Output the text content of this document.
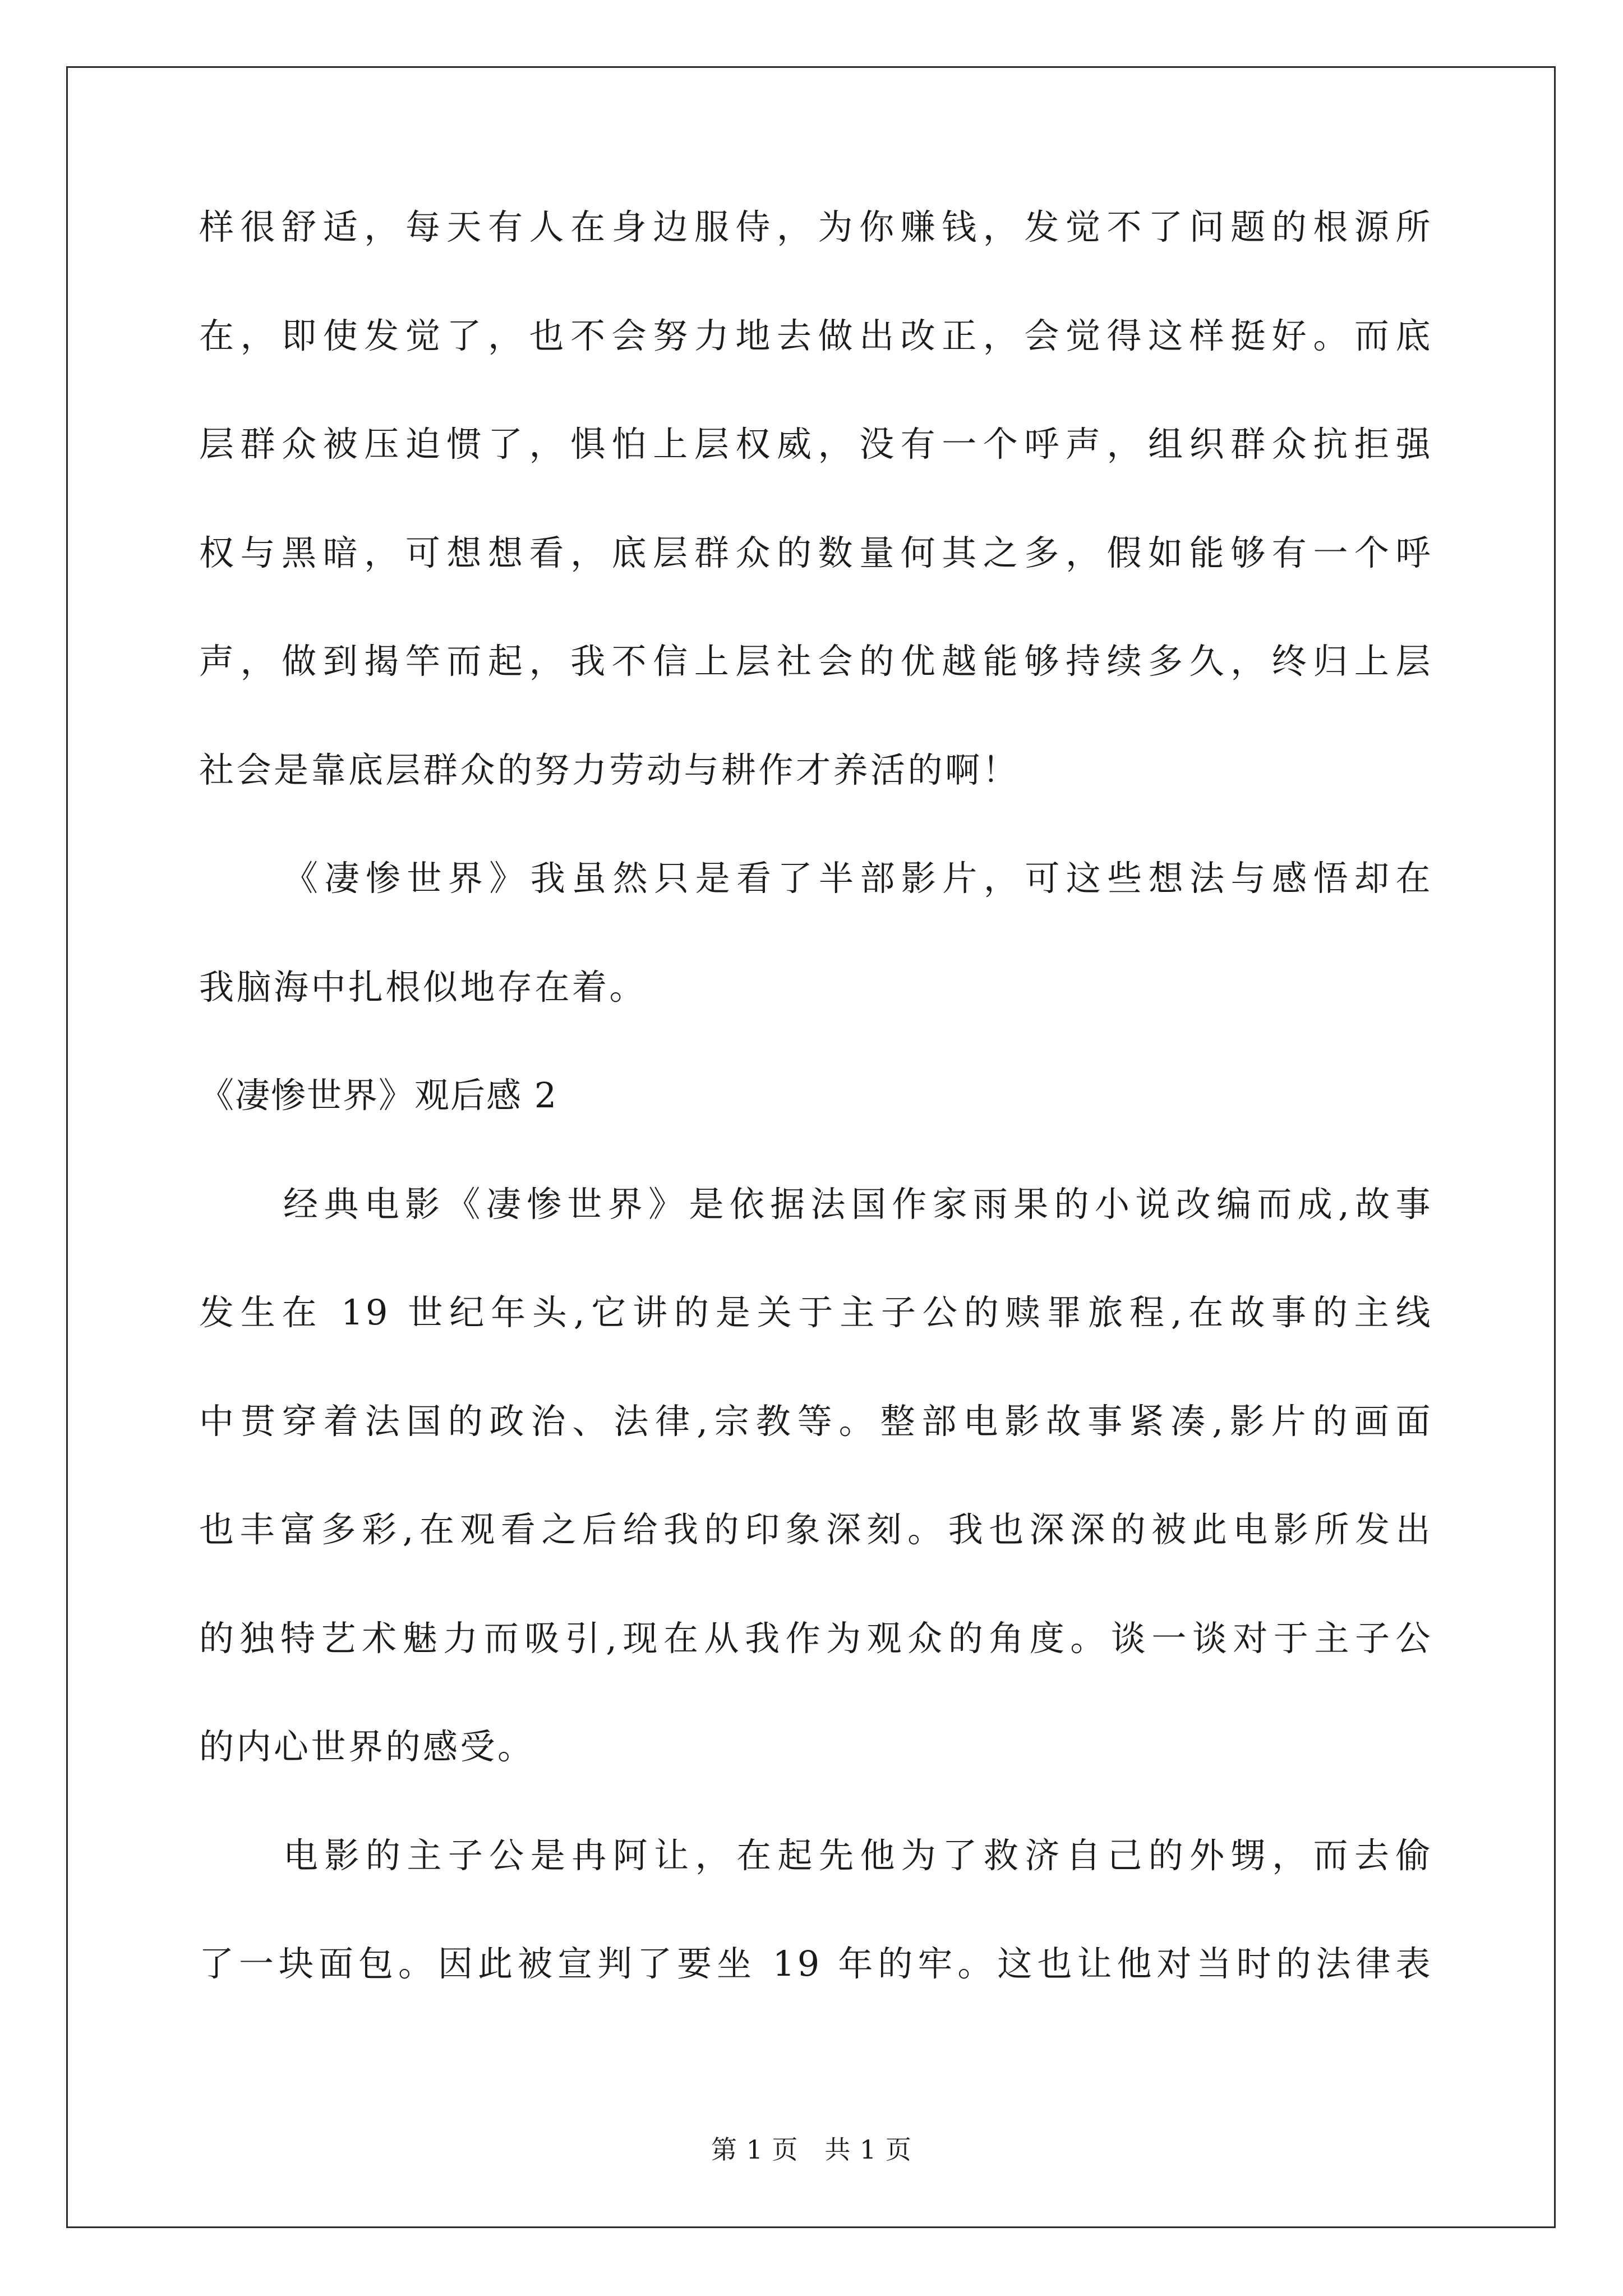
样很舒适，每天有人在身边服侍，为你赚钱，发觉不了问题的根源所
在，即使发觉了，也不会努力地去做出改正，会觉得这样挺好。而底
层群众被压迫惯了，惧怕上层权威，没有一个呼声，组织群众抗拒强
权与黑暗，可想想看，底层群众的数量何其之多，假如能够有一个呼
声，做到揭竿而起，我不信上层社会的优越能够持续多久，终归上层
社会是靠底层群众的努力劳动与耕作才养活的啊！
《凄惨世界》我虽然只是看了半部影片，可这些想法与感悟却在
我脑海中扎根似地存在着。
《凄惨世界》观后感 2
经典电影《凄惨世界》是依据法国作家雨果的小说改编而成,故事
发生在 19 世纪年头,它讲的是关于主子公的赎罪旅程,在故事的主线
中贯穿着法国的政治、法律,宗教等。整部电影故事紧凑,影片的画面
也丰富多彩,在观看之后给我的印象深刻。我也深深的被此电影所发出
的独特艺术魅力而吸引,现在从我作为观众的角度。谈一谈对于主子公
的内心世界的感受。
电影的主子公是冉阿让，在起先他为了救济自己的外甥，而去偷
了一块面包。因此被宣判了要坐 19 年的牢。这也让他对当时的法律表
第 1 页   共 1 页
